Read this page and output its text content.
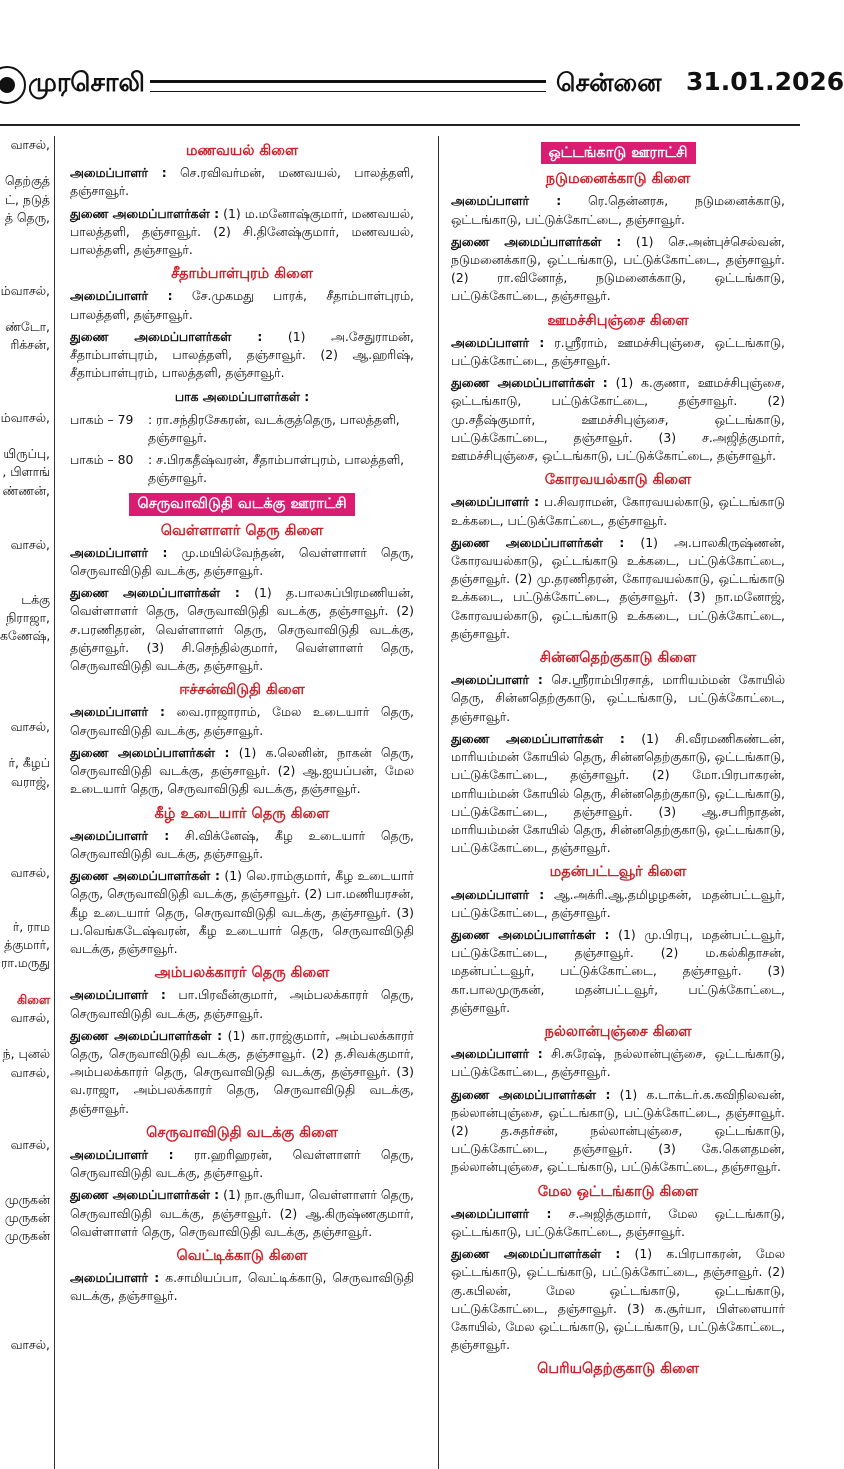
முரசொலி	சென்னை 31.01.2026
வாசல்,
தெற்குத்
ட், நடுத்
த் தெரு,
ம்வாசல்,
ண்டோ,
ரிக்சன்,
ம்வாசல்,
யிருப்பு,
, பிளாங்
ண்ணன்,
வாசல்,
டக்கு
நிராஜா,
கணேஷ்,
வாசல்,
ர், கீழப்
வராஜ்,
வாசல்,
ர், ராம
த்குமார்,
ரா.மருது
கிளை
வாசல்,
ந், புனல்
வாசல்,
வாசல்,
முருகன்
முருகன்
முருகன்
வாசல்,
மணவயல் கிளை

அமைப்பாளர் : செ.ரவிவர்மன், மணவயல், பாலத்தளி, தஞ்சாவூர்.

துணை அமைப்பாளர்கள் : (1) ம.மனோஷ்குமார், மணவயல், பாலத்தளி, தஞ்சாவூர். (2) சி.தினேஷ்குமார், மணவயல், பாலத்தளி, தஞ்சாவூர்.

சீதாம்பாள்புரம் கிளை

அமைப்பாளர் : சே.முகமது பாரக், சீதாம்பாள்புரம், பாலத்தளி, தஞ்சாவூர்.

துணை அமைப்பாளர்கள் : (1) அ.சேதுராமன், சீதாம்பாள்புரம், பாலத்தளி, தஞ்சாவூர். (2) ஆ.ஹரிஷ், சீதாம்பாள்புரம், பாலத்தளி, தஞ்சாவூர்.

பாக அமைப்பாளர்கள் :
பாகம் – 79	: ரா.சந்திரசேகரன், வடக்குத்தெரு, பாலத்தளி, தஞ்சாவூர்.
பாகம் – 80	: ச.பிரகதீஷ்வரன், சீதாம்பாள்புரம், பாலத்தளி, தஞ்சாவூர்.
செருவாவிடுதி வடக்கு ஊராட்சி
வெள்ளாளர் தெரு கிளை

அமைப்பாளர் : மு.மயில்வேந்தன், வெள்ளாளர் தெரு, செருவாவிடுதி வடக்கு, தஞ்சாவூர்.

துணை அமைப்பாளர்கள் : (1) த.பாலசுப்பிரமணியன், வெள்ளாளர் தெரு, செருவாவிடுதி வடக்கு, தஞ்சாவூர். (2) ச.பரணிதரன், வெள்ளாளர் தெரு, செருவாவிடுதி வடக்கு, தஞ்சாவூர். (3) சி.செந்தில்குமார், வெள்ளாளர் தெரு, செருவாவிடுதி வடக்கு, தஞ்சாவூர்.

ஈச்சன்விடுதி கிளை

அமைப்பாளர் : வை.ராஜாராம், மேல உடையார் தெரு, செருவாவிடுதி வடக்கு, தஞ்சாவூர்.

துணை அமைப்பாளர்கள் : (1) க.லெனின், நாகன் தெரு, செருவாவிடுதி வடக்கு, தஞ்சாவூர். (2) ஆ.ஐயப்பன், மேல உடையார் தெரு, செருவாவிடுதி வடக்கு, தஞ்சாவூர்.

கீழ் உடையார் தெரு கிளை

அமைப்பாளர் : சி.விக்னேஷ், கீழ உடையார் தெரு, செருவாவிடுதி வடக்கு, தஞ்சாவூர்.

துணை அமைப்பாளர்கள் : (1) லெ.ராம்குமார், கீழ உடையார் தெரு, செருவாவிடுதி வடக்கு, தஞ்சாவூர். (2) பா.மணியரசன், கீழ உடையார் தெரு, செருவாவிடுதி வடக்கு, தஞ்சாவூர். (3) ப.வெங்கடேஷ்வரன், கீழ உடையார் தெரு, செருவாவிடுதி வடக்கு, தஞ்சாவூர்.

அம்பலக்காரர் தெரு கிளை

அமைப்பாளர் : பா.பிரவீன்குமார், அம்பலக்காரர் தெரு, செருவாவிடுதி வடக்கு, தஞ்சாவூர்.

துணை அமைப்பாளர்கள் : (1) கா.ராஜ்குமார், அம்பலக்காரர் தெரு, செருவாவிடுதி வடக்கு, தஞ்சாவூர். (2) த.சிவக்குமார், அம்பலக்காரர் தெரு, செருவாவிடுதி வடக்கு, தஞ்சாவூர். (3) வ.ராஜா, அம்பலக்காரர் தெரு, செருவாவிடுதி வடக்கு, தஞ்சாவூர்.

செருவாவிடுதி வடக்கு கிளை

அமைப்பாளர் : ரா.ஹரிஹரன், வெள்ளாளர் தெரு, செருவாவிடுதி வடக்கு, தஞ்சாவூர்.

துணை அமைப்பாளர்கள் : (1) நா.சூரியா, வெள்ளாளர் தெரு, செருவாவிடுதி வடக்கு, தஞ்சாவூர். (2) ஆ.கிருஷ்ணகுமார், வெள்ளாளர் தெரு, செருவாவிடுதி வடக்கு, தஞ்சாவூர்.

வெட்டிக்காடு கிளை

அமைப்பாளர் : க.சாமியப்பா, வெட்டிக்காடு, செருவாவிடுதி வடக்கு, தஞ்சாவூர்.

ஒட்டங்காடு ஊராட்சி
நடுமனைக்காடு கிளை

அமைப்பாளர் : ரெ.தென்னரசு, நடுமனைக்காடு, ஒட்டங்காடு, பட்டுக்கோட்டை, தஞ்சாவூர்.

துணை அமைப்பாளர்கள் : (1) செ.அன்புச்செல்வன், நடுமனைக்காடு, ஒட்டங்காடு, பட்டுக்கோட்டை, தஞ்சாவூர். (2) ரா.வினோத், நடுமனைக்காடு, ஒட்டங்காடு, பட்டுக்கோட்டை, தஞ்சாவூர்.

ஊமச்சிபுஞ்சை கிளை

அமைப்பாளர் : ர.ஸ்ரீராம், ஊமச்சிபுஞ்சை, ஒட்டங்காடு, பட்டுக்கோட்டை, தஞ்சாவூர்.

துணை அமைப்பாளர்கள் : (1) க.குணா, ஊமச்சிபுஞ்சை, ஒட்டங்காடு, பட்டுக்கோட்டை, தஞ்சாவூர். (2) மு.சதீஷ்குமார், ஊமச்சிபுஞ்சை, ஒட்டங்காடு, பட்டுக்கோட்டை, தஞ்சாவூர். (3) ச.அஜித்குமார், ஊமச்சிபுஞ்சை, ஒட்டங்காடு, பட்டுக்கோட்டை, தஞ்சாவூர்.

கோரவயல்காடு கிளை

அமைப்பாளர் : ப.சிவராமன், கோரவயல்காடு, ஒட்டங்காடு உக்கடை, பட்டுக்கோட்டை, தஞ்சாவூர்.

துணை அமைப்பாளர்கள் : (1) அ.பாலகிருஷ்ணன், கோரவயல்காடு, ஒட்டங்காடு உக்கடை, பட்டுக்கோட்டை, தஞ்சாவூர். (2) மு.தரணிதரன், கோரவயல்காடு, ஒட்டங்காடு உக்கடை, பட்டுக்கோட்டை, தஞ்சாவூர். (3) நா.மனோஜ், கோரவயல்காடு, ஒட்டங்காடு உக்கடை, பட்டுக்கோட்டை, தஞ்சாவூர்.

சின்னதெற்குகாடு கிளை

அமைப்பாளர் : செ.ஸ்ரீராம்பிரசாத், மாரியம்மன் கோயில் தெரு, சின்னதெற்குகாடு, ஒட்டங்காடு, பட்டுக்கோட்டை, தஞ்சாவூர்.

துணை அமைப்பாளர்கள் : (1) சி.வீரமணிகண்டன், மாரியம்மன் கோயில் தெரு, சின்னதெற்குகாடு, ஒட்டங்காடு, பட்டுக்கோட்டை, தஞ்சாவூர். (2) மோ.பிரபாகரன், மாரியம்மன் கோயில் தெரு, சின்னதெற்குகாடு, ஒட்டங்காடு, பட்டுக்கோட்டை, தஞ்சாவூர். (3) ஆ.சபரிநாதன், மாரியம்மன் கோயில் தெரு, சின்னதெற்குகாடு, ஒட்டங்காடு, பட்டுக்கோட்டை, தஞ்சாவூர்.

மதன்பட்டவூர் கிளை

அமைப்பாளர் : ஆ.அக்ரி.ஆ.தமிழழகன், மதன்பட்டவூர், பட்டுக்கோட்டை, தஞ்சாவூர்.

துணை அமைப்பாளர்கள் : (1) மு.பிரபு, மதன்பட்டவூர், பட்டுக்கோட்டை, தஞ்சாவூர். (2) ம.கல்கிதாசன், மதன்பட்டவூர், பட்டுக்கோட்டை, தஞ்சாவூர். (3) கா.பாலமுருகன், மதன்பட்டவூர், பட்டுக்கோட்டை, தஞ்சாவூர்.

நல்லான்புஞ்சை கிளை

அமைப்பாளர் : சி.சுரேஷ், நல்லான்புஞ்சை, ஒட்டங்காடு, பட்டுக்கோட்டை, தஞ்சாவூர்.

துணை அமைப்பாளர்கள் : (1) க.டாக்டர்.க.கவிநிலவன், நல்லான்புஞ்சை, ஒட்டங்காடு, பட்டுக்கோட்டை, தஞ்சாவூர். (2) த.சுதர்சன், நல்லான்புஞ்சை, ஒட்டங்காடு, பட்டுக்கோட்டை, தஞ்சாவூர். (3) கே.கௌதமன், நல்லான்புஞ்சை, ஒட்டங்காடு, பட்டுக்கோட்டை, தஞ்சாவூர்.

மேல ஒட்டங்காடு கிளை

அமைப்பாளர் : ச.அஜித்குமார், மேல ஒட்டங்காடு, ஒட்டங்காடு, பட்டுக்கோட்டை, தஞ்சாவூர்.

துணை அமைப்பாளர்கள் : (1) க.பிரபாகரன், மேல ஒட்டங்காடு, ஒட்டங்காடு, பட்டுக்கோட்டை, தஞ்சாவூர். (2) கு.கபிலன், மேல ஒட்டங்காடு, ஒட்டங்காடு, பட்டுக்கோட்டை, தஞ்சாவூர். (3) க.சூர்யா, பிள்ளையார் கோயில், மேல ஒட்டங்காடு, ஒட்டங்காடு, பட்டுக்கோட்டை, தஞ்சாவூர்.

பெரியதெற்குகாடு கிளை
